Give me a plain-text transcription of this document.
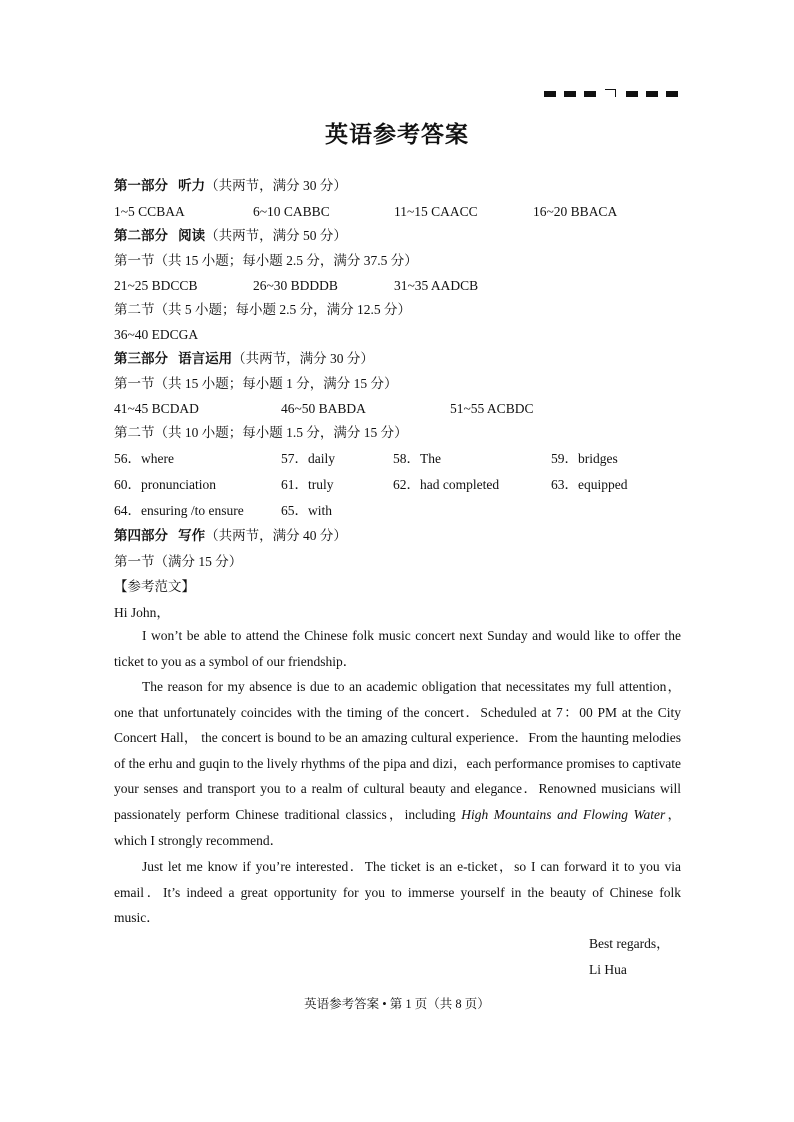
英语参考答案
第一部分 听力（共两节，满分 30 分）
1~5 CCBAA	6~10 CABBC	11~15 CAACC	16~20 BBACA
第二部分 阅读（共两节，满分 50 分）
第一节（共 15 小题；每小题 2.5 分，满分 37.5 分）
21~25 BDCCB	26~30 BDDDB	31~35 AADCB
第二节（共 5 小题；每小题 2.5 分，满分 12.5 分）
36~40 EDCGA
第三部分 语言运用（共两节，满分 30 分）
第一节（共 15 小题；每小题 1 分，满分 15 分）
41~45 BCDAD	46~50 BABDA	51~55 ACBDC
第二节（共 10 小题；每小题 1.5 分，满分 15 分）
56．where	57．daily	58．The	59．bridges
60．pronunciation	61．truly	62．had completed	63．equipped
64．ensuring /to ensure	65．with
第四部分 写作（共两节，满分 40 分）
第一节（满分 15 分）
【参考范文】
Hi John，
I won’t be able to attend the Chinese folk music concert next Sunday and would like to offer the ticket to you as a symbol of our friendship．
The reason for my absence is due to an academic obligation that necessitates my full attention，one that unfortunately coincides with the timing of the concert．Scheduled at 7：00 PM at the City Concert Hall， the concert is bound to be an amazing cultural experience．From the haunting melodies of the erhu and guqin to the lively rhythms of the pipa and dizi，each performance promises to captivate your senses and transport you to a realm of cultural beauty and elegance．Renowned musicians will passionately perform Chinese traditional classics，including High Mountains and Flowing Water，which I strongly recommend．
Just let me know if you’re interested．The ticket is an e-ticket，so I can forward it to you via email．It’s indeed a great opportunity for you to immerse yourself in the beauty of Chinese folk music．
Best regards，
Li Hua
英语参考答案 • 第 1 页（共 8 页）
